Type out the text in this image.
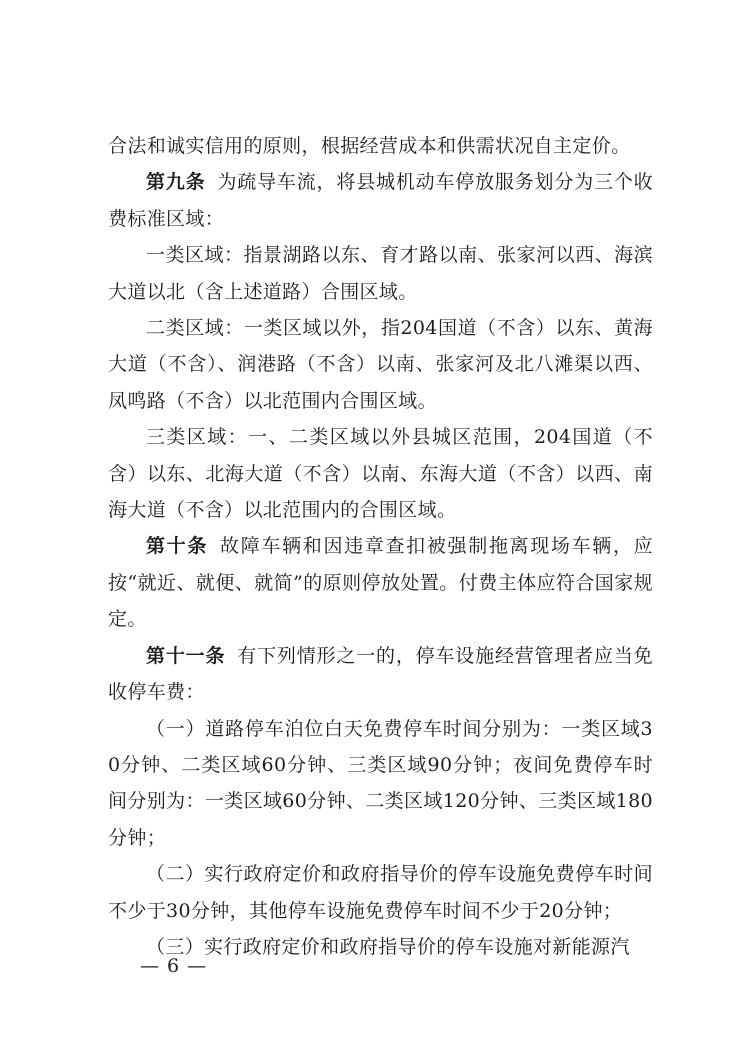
合法和诚实信用的原则，根据经营成本和供需状况自主定价。

第九条 为疏导车流，将县城机动车停放服务划分为三个收费标准区域：

一类区域：指景湖路以东、育才路以南、张家河以西、海滨大道以北（含上述道路）合围区域。

二类区域：一类区域以外，指204国道（不含）以东、黄海大道（不含）、润港路（不含）以南、张家河及北八滩渠以西、凤鸣路（不含）以北范围内合围区域。

三类区域：一、二类区域以外县城区范围，204国道（不含）以东、北海大道（不含）以南、东海大道（不含）以西、南海大道（不含）以北范围内的合围区域。

第十条 故障车辆和因违章查扣被强制拖离现场车辆，应按“就近、就便、就简”的原则停放处置。付费主体应符合国家规定。

第十一条 有下列情形之一的，停车设施经营管理者应当免收停车费：

（一）道路停车泊位白天免费停车时间分别为：一类区域30分钟、二类区域60分钟、三类区域90分钟；夜间免费停车时间分别为：一类区域60分钟、二类区域120分钟、三类区域180分钟；

（二）实行政府定价和政府指导价的停车设施免费停车时间不少于30分钟，其他停车设施免费停车时间不少于20分钟；

（三）实行政府定价和政府指导价的停车设施对新能源汽

— 6 —
